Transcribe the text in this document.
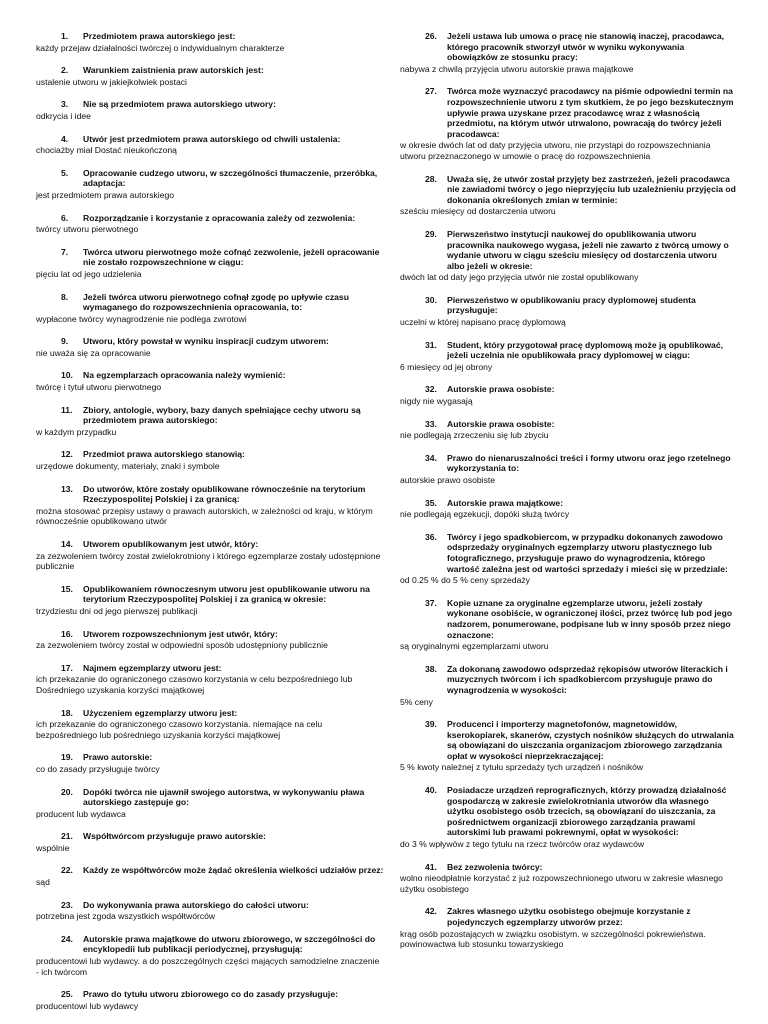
1. Przedmiotem prawa autorskiego jest:
każdy przejaw działalności twórczej o indywidualnym charakterze
2. Warunkiem zaistnienia praw autorskich jest:
ustalenie utworu w jakiejkolwiek postaci
3. Nie są przedmiotem prawa autorskiego utwory:
odkrycia i idee
4. Utwór jest przedmiotem prawa autorskiego od chwili ustalenia:
chociażby miał Dostać nieukończoną
5. Opracowanie cudzego utworu, w szczególności tłumaczenie, przeróbka, adaptacja:
jest przedmiotem prawa autorskiego
6. Rozporządzanie i korzystanie z opracowania zależy od zezwolenia:
twórcy utworu pierwotnego
7. Twórca utworu pierwotnego może cofnąć zezwolenie, jeżeli opracowanie nie zostało rozpowszechnione w ciągu:
pięciu lat od jego udzielenia
8. Jeżeli twórca utworu pierwotnego cofnął zgodę po upływie czasu wymaganego do rozpowszechnienia opracowania, to:
wypłacone twórcy wynagrodzenie nie podlega zwrotowi
9. Utworu, który powstał w wyniku inspiracji cudzym utworem:
nie uważa się za opracowanie
10. Na egzemplarzach opracowania należy wymienić:
twórcę i tytuł utworu pierwotnego
11. Zbiory, antologie, wybory, bazy danych spełniające cechy utworu są przedmiotem prawa autorskiego:
w każdym przypadku
12. Przedmiot prawa autorskiego stanowią:
urzędowe dokumenty, materiały, znaki i symbole
13. Do utworów, które zostały opublikowane równocześnie na terytorium Rzeczypospolitej Polskiej i za granicą:
można stosować przepisy ustawy o prawach autorskich, w zależności od kraju, w którym równocześnie opublikowano utwór
14. Utworem opublikowanym jest utwór, który:
za zezwoleniem twórcy został zwielokrotniony i którego egzemplarze zostały udostępnione publicznie
15. Opublikowaniem równoczesnym utworu jest opublikowanie utworu na terytorium Rzeczypospolitej Polskiej i za granicą w okresie:
trzydziestu dni od jego pierwszej publikacji
16. Utworem rozpowszechnionym jest utwór, który:
za zezwoleniem twórcy został w odpowiedni sposób udostępniony publicznie
17. Najmem egzemplarzy utworu jest:
ich przekazanie do ograniczonego czasowo korzystania w celu bezpośredniego lub Dośredniego uzyskania korzyści majątkowej
18. Użyczeniem egzemplarzy utworu jest:
ich przekazanie do ograniczonego czasowo korzystania. niemające na celu bezpośredniego lub pośredniego uzyskania korzyści majątkowej
19. Prawo autorskie:
co do zasady przysługuje twórcy
20. Dopóki twórca nie ujawnił swojego autorstwa, w wykonywaniu pława autorskiego zastępuje go:
producent lub wydawca
21. Współtwórcom przysługuje prawo autorskie:
wspólnie
22. Każdy ze współtwórców może żądać określenia wielkości udziałów przez:
sąd
23. Do wykonywania prawa autorskiego do całości utworu:
potrzebna jest zgoda wszystkich współtwórców
24. Autorskie prawa majątkowe do utworu zbiorowego, w szczególności do encyklopedii lub publikacji periodycznej, przysługują:
producentowi lub wydawcy. a do poszczególnych części mających samodzielne znaczenie - ich twórcom
25. Prawo do tytułu utworu zbiorowego co do zasady przysługuje:
producentowi lub wydawcy
26. Jeżeli ustawa lub umowa o pracę nie stanowią inaczej, pracodawca, którego pracownik stworzył utwór w wyniku wykonywania obowiązków ze stosunku pracy:
nabywa z chwilą przyjęcia utworu autorskie prawa majątkowe
27. Twórca może wyznaczyć pracodawcy na piśmie odpowiedni termin na rozpowszechnienie utworu z tym skutkiem, że po jego bezskutecznym upływie prawa uzyskane przez pracodawcę wraz z własnością przedmiotu, na którym utwór utrwalono, powracają do twórcy jeżeli pracodawca:
w okresie dwóch lat od daty przyjęcia utworu, nie przystąpi do rozpowszechniania utworu przeznaczonego w umowie o pracę do rozpowszechnienia
28. Uważa się, że utwór został przyjęty bez zastrzeżeń, jeżeli pracodawca nie zawiadomi twórcy o jego nieprzyjęciu lub uzależnieniu przyjęcia od dokonania określonych zmian w terminie:
sześciu miesięcy od dostarczenia utworu
29. Pierwszeństwo instytucji naukowej do opublikowania utworu pracownika naukowego wygasa, jeżeli nie zawarto z twórcą umowy o wydanie utworu w ciągu sześciu miesięcy od dostarczenia utworu albo jeżeli w okresie:
dwóch lat od daty jego przyjęcia utwór nie został opublikowany
30. Pierwszeństwo w opublikowaniu pracy dyplomowej studenta przysługuje:
uczelni w której napisano pracę dyplomową
31. Student, który przygotował pracę dyplomową może ją opublikować, jeżeli uczelnia nie opublikowała pracy dyplomowej w ciągu:
6 miesięcy od jej obrony
32. Autorskie prawa osobiste:
nigdy nie wygasają
33. Autorskie prawa osobiste:
nie podlegają zrzeczeniu się lub zbyciu
34. Prawo do nienaruszalności treści i formy utworu oraz jego rzetelnego wykorzystania to:
autorskie prawo osobiste
35. Autorskie prawa majątkowe:
nie podlegają egzekucji, dopóki służą twórcy
36. Twórcy i jego spadkobiercom, w przypadku dokonanych zawodowo odsprzedaży oryginalnych egzemplarzy utworu plastycznego lub fotograficznego, przysługuje prawo do wynagrodzenia, którego wartość zależna jest od wartości sprzedaży i mieści się w przedziale:
od 0.25 % do 5 % ceny sprzedaży
37. Kopie uznane za oryginalne egzemplarze utworu, jeżeli zostały wykonane osobiście, w ograniczonej ilości, przez twórcę lub pod jego nadzorem, ponumerowane, podpisane lub w inny sposób przez niego oznaczone:
są oryginalnymi egzemplarzami utworu
38. Za dokonaną zawodowo odsprzedaż rękopisów utworów literackich i muzycznych twórcom i ich spadkobiercom przysługuje prawo do wynagrodzenia w wysokości:
5% ceny
39. Producenci i importerzy magnetofonów, magnetowidów, kserokopiarek, skanerów, czystych nośników służących do utrwalania są obowiązani do uiszczania organizacjom zbiorowego zarządzania opłat w wysokości nieprzekraczającej:
5 % kwoty należnej z tytułu sprzedaży tych urządzeń i nośników
40. Posiadacze urządzeń reprograficznych, którzy prowadzą działalność gospodarczą w zakresie zwielokrotniania utworów dla własnego użytku osobistego osób trzecich, są obowiązani do uiszczania, za pośrednictwem organizacji zbiorowego zarządzania prawami autorskimi lub prawami pokrewnymi, opłat w wysokości:
do 3 % wpływów z tego tytułu na rzecz twórców oraz wydawców
41. Bez zezwolenia twórcy:
wolno nieodpłatnie korzystać z już rozpowszechnionego utworu w zakresie własnego użytku osobistego
42. Zakres własnego użytku osobistego obejmuje korzystanie z pojedynczych egzemplarzy utworów przez:
krąg osób pozostających w związku osobistym. w szczególności pokrewieństwa. powinowactwa lub stosunku towarzyskiego
